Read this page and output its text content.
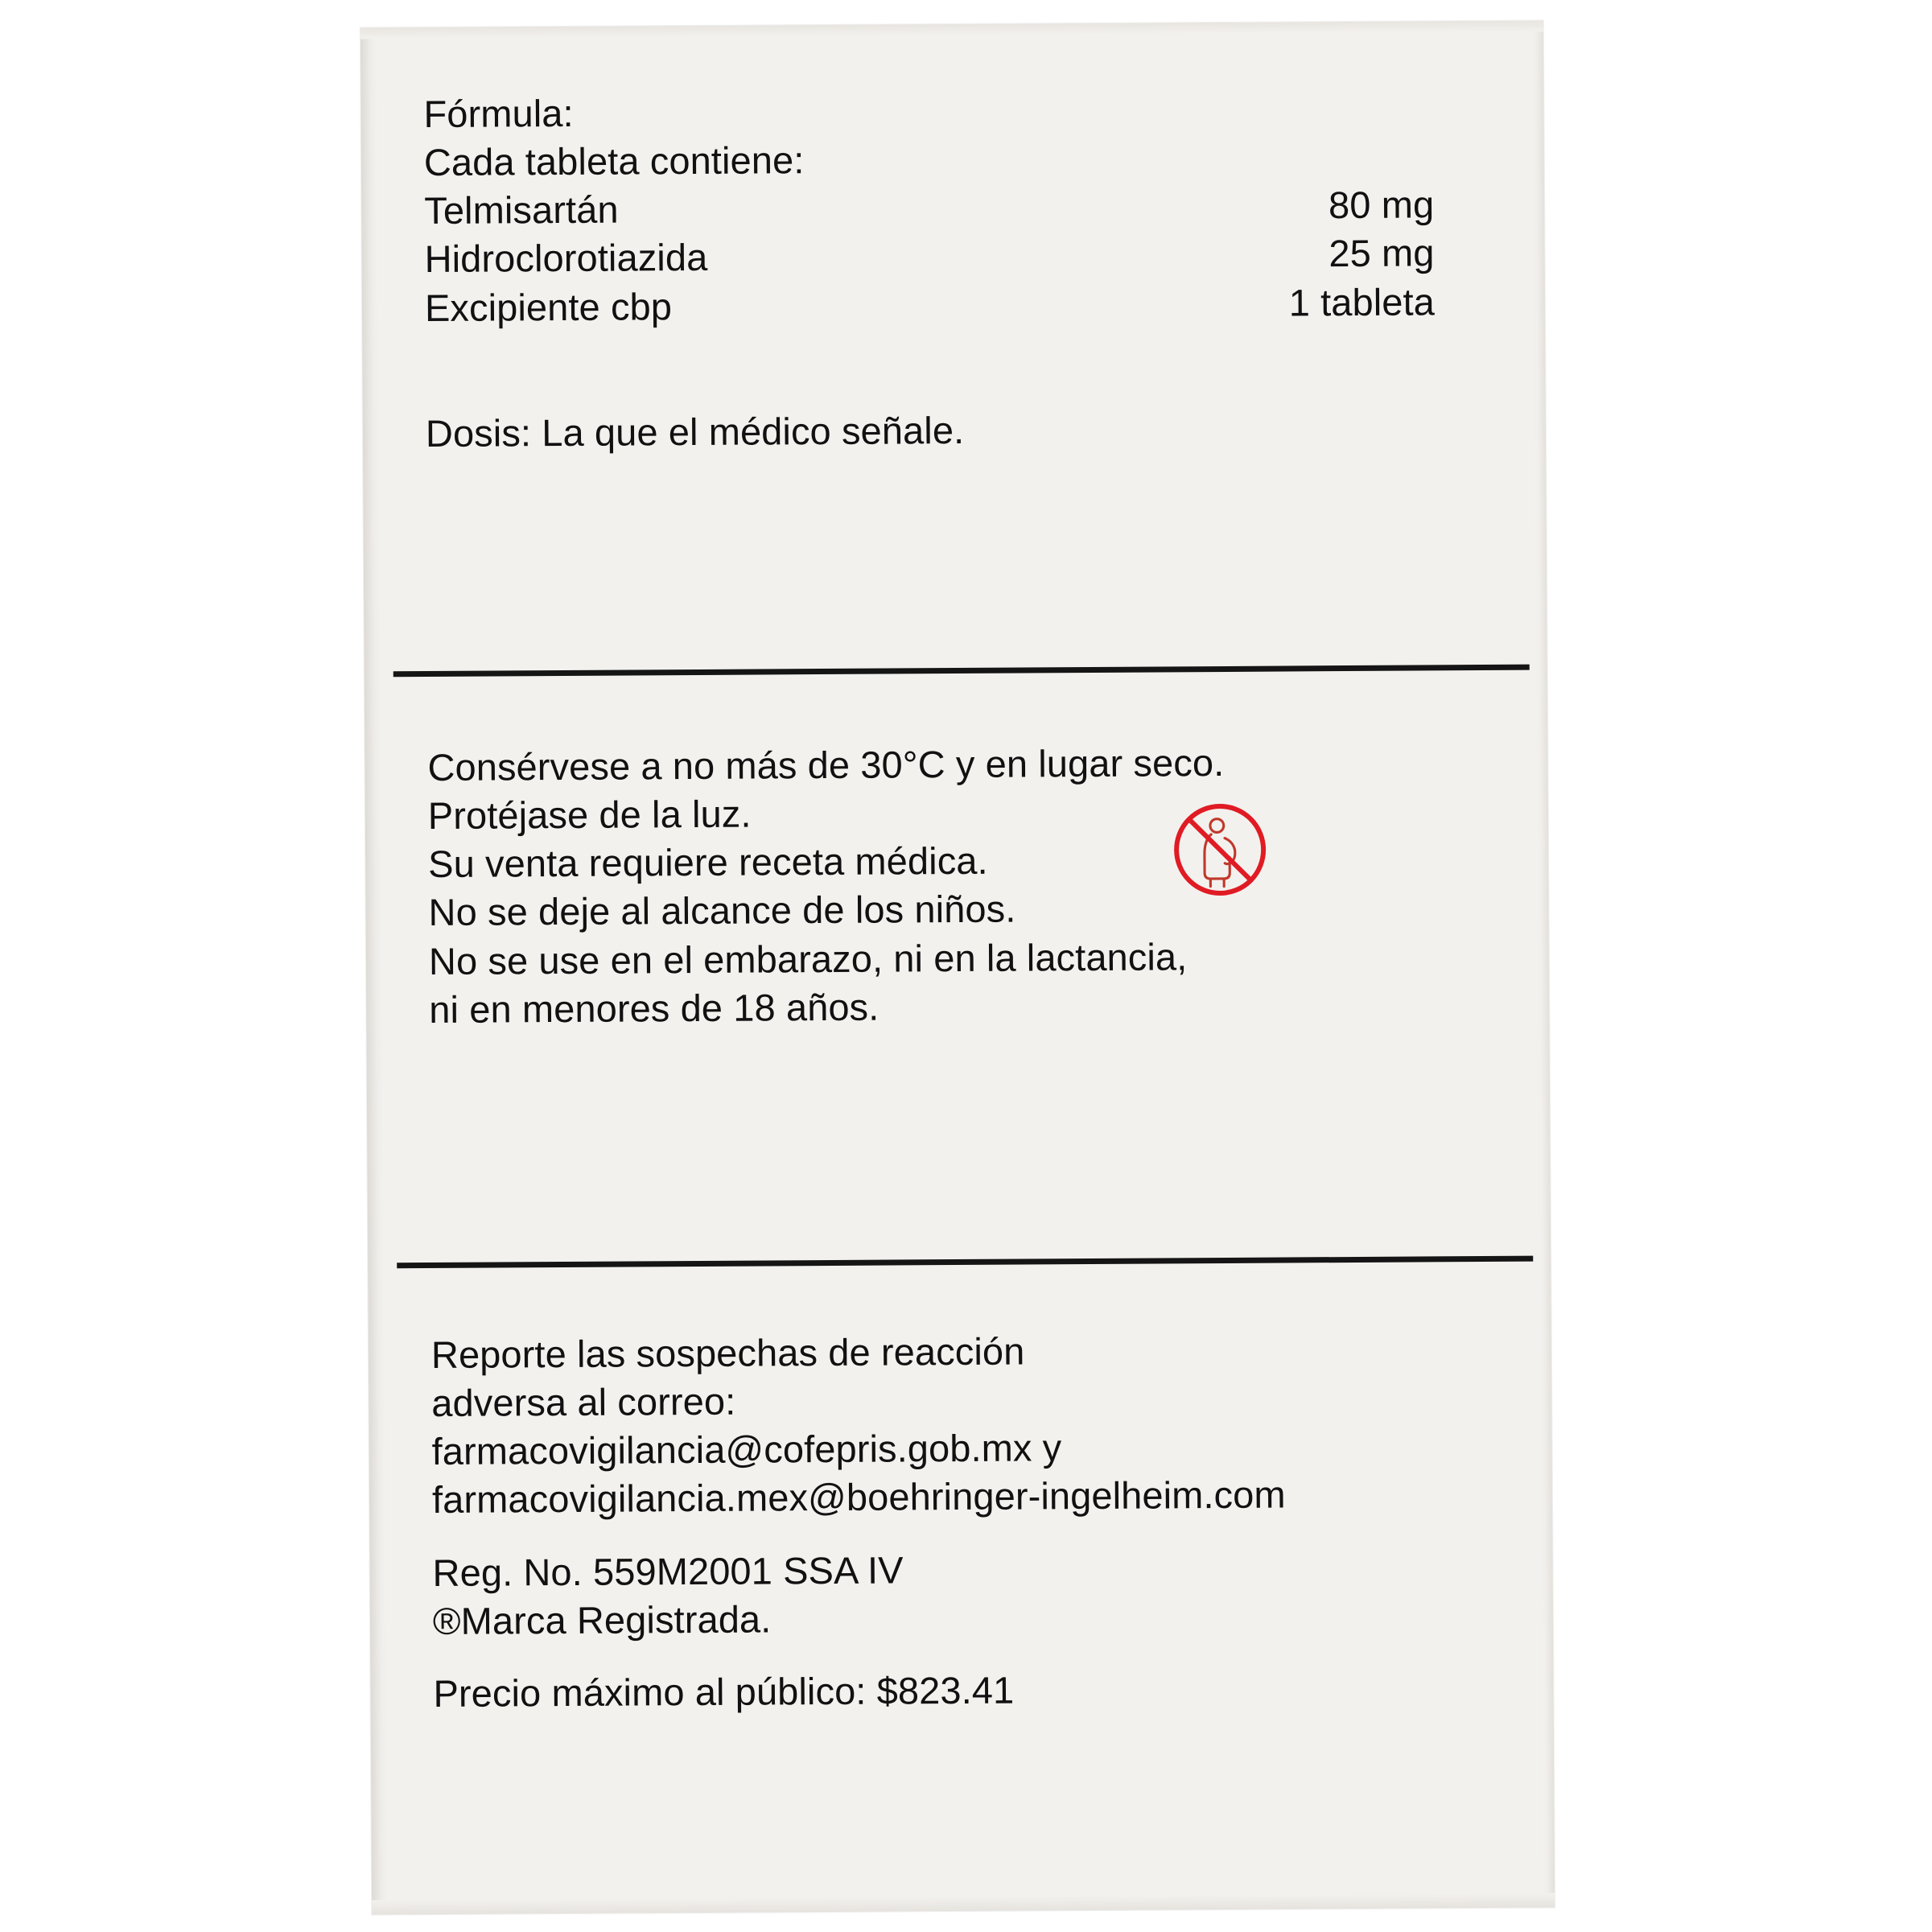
Fórmula:
Cada tableta contiene:
Telmisartán	80 mg
Hidroclorotiazida	25 mg
Excipiente cbp	1 tableta
Dosis: La que el médico señale.
Consérvese a no más de 30°C y en lugar seco.
Protéjase de la luz.
Su venta requiere receta médica.
No se deje al alcance de los niños.
No se use en el embarazo, ni en la lactancia,
ni en menores de 18 años.
Reporte las sospechas de reacción
adversa al correo:
farmacovigilancia@cofepris.gob.mx y
farmacovigilancia.mex@boehringer-ingelheim.com
Reg. No. 559M2001 SSA IV
®Marca Registrada.
Precio máximo al público: $823.41
